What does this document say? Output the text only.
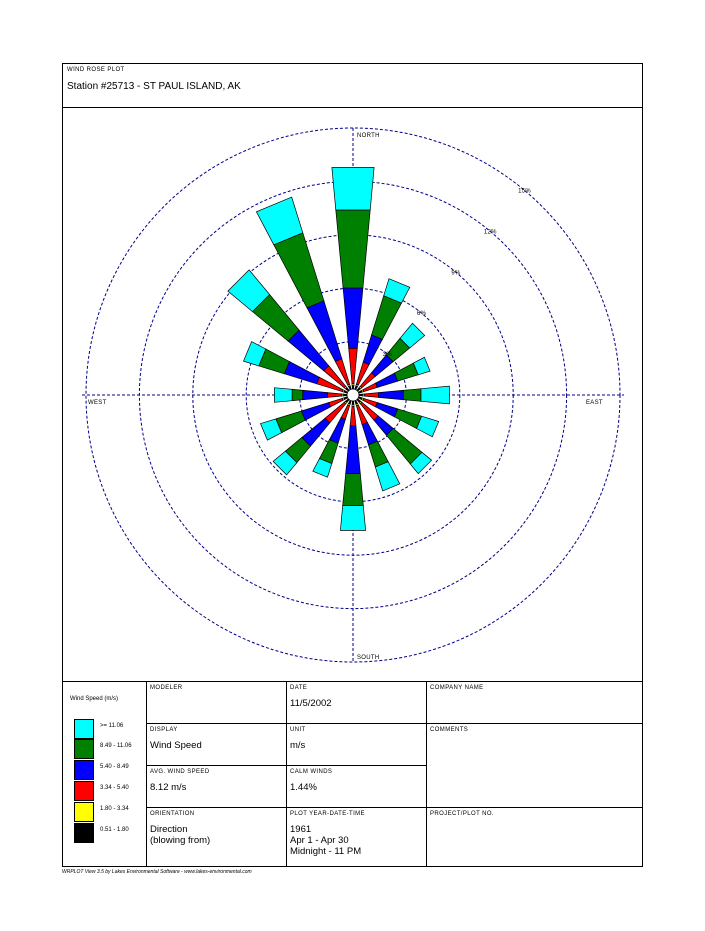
WIND ROSE PLOT
Station #25713 - ST PAUL ISLAND, AK
NORTH
SOUTH
EAST
WEST
3%
6%
9%
12%
15%
Wind Speed (m/s)
>= 11.06
8.49 - 11.06
5.40 - 8.49
3.34 - 5.40
1.80 - 3.34
0.51 - 1.80
MODELER	DATE
11/5/2002
COMPANY NAME
DISPLAY
Wind Speed
UNIT
m/s
COMMENTS
AVG. WIND SPEED
8.12 m/s
CALM WINDS
1.44%
ORIENTATION
Direction
(blowing from)
PLOT YEAR-DATE-TIME
1961
Apr 1 - Apr 30
Midnight - 11 PM
PROJECT/PLOT NO.
WRPLOT View 3.5 by Lakes Environmental Software - www.lakes-environmental.com
